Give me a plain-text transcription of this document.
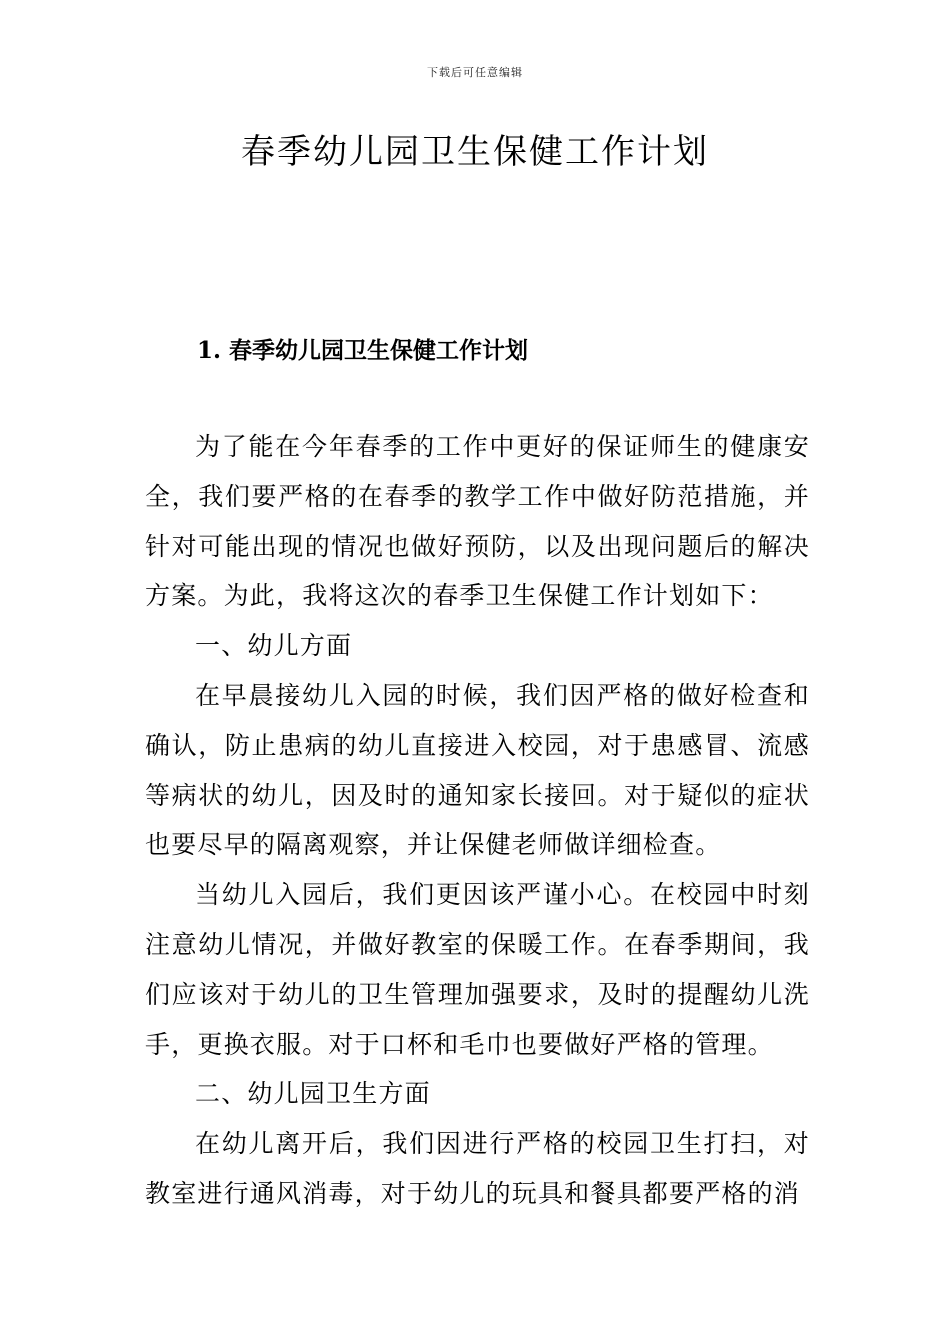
下载后可任意编辑
春季幼儿园卫生保健工作计划
1. 春季幼儿园卫生保健工作计划

为了能在今年春季的工作中更好的保证师生的健康安全，我们要严格的在春季的教学工作中做好防范措施，并针对可能出现的情况也做好预防，以及出现问题后的解决方案。为此，我将这次的春季卫生保健工作计划如下：

一、幼儿方面

在早晨接幼儿入园的时候，我们因严格的做好检查和确认，防止患病的幼儿直接进入校园，对于患感冒、流感等病状的幼儿，因及时的通知家长接回。对于疑似的症状也要尽早的隔离观察，并让保健老师做详细检查。

当幼儿入园后，我们更因该严谨小心。在校园中时刻注意幼儿情况，并做好教室的保暖工作。在春季期间，我们应该对于幼儿的卫生管理加强要求，及时的提醒幼儿洗手，更换衣服。对于口杯和毛巾也要做好严格的管理。

二、幼儿园卫生方面

在幼儿离开后，我们因进行严格的校园卫生打扫，对教室进行通风消毒，对于幼儿的玩具和餐具都要严格的消
